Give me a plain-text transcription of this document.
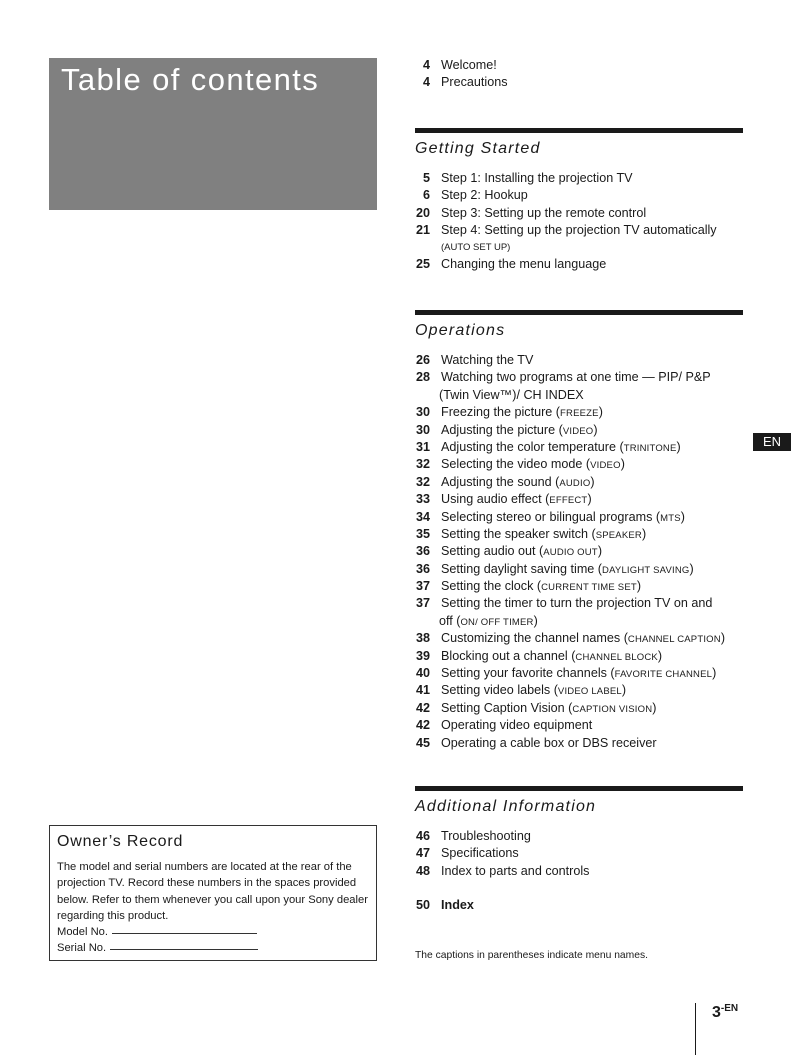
Table of contents	4 Welcome!
4 Precautions
Getting Started
5 Step 1: Installing the projection TV
6 Step 2: Hookup
20 Step 3: Setting up the remote control
21 Step 4: Setting up the projection TV automatically
(AUTO SET UP)
25 Changing the menu language
Operations
26 Watching the TV
28 Watching two programs at one time — PIP/ P&P
(Twin View™)/ CH INDEX
30 Freezing the picture (FREEZE)
30 Adjusting the picture (VIDEO)
31 Adjusting the color temperature (TRINITONE)
32 Selecting the video mode (VIDEO)
32 Adjusting the sound (AUDIO)
33 Using audio effect (EFFECT)
34 Selecting stereo or bilingual programs (MTS)
35 Setting the speaker switch (SPEAKER)
36 Setting audio out (AUDIO OUT)
36 Setting daylight saving time (DAYLIGHT SAVING)
37 Setting the clock (CURRENT TIME SET)
37 Setting the timer to turn the projection TV on and
off (ON/ OFF TIMER)
38 Customizing the channel names (CHANNEL CAPTION)
39 Blocking out a channel (CHANNEL BLOCK)
40 Setting your favorite channels (FAVORITE CHANNEL)
41 Setting video labels (VIDEO LABEL)
42 Setting Caption Vision (CAPTION VISION)
42 Operating video equipment
45 Operating a cable box or DBS receiver
Additional Information
46 Troubleshooting
47 Specifications
48 Index to parts and controls
50 Index
The captions in parentheses indicate menu names.
Owner’s Record
The model and serial numbers are located at the rear of the projection TV. Record these numbers in the spaces provided below. Refer to them whenever you call upon your Sony dealer regarding this product.
Model No.
Serial No.
EN
$3^{-EN}$
